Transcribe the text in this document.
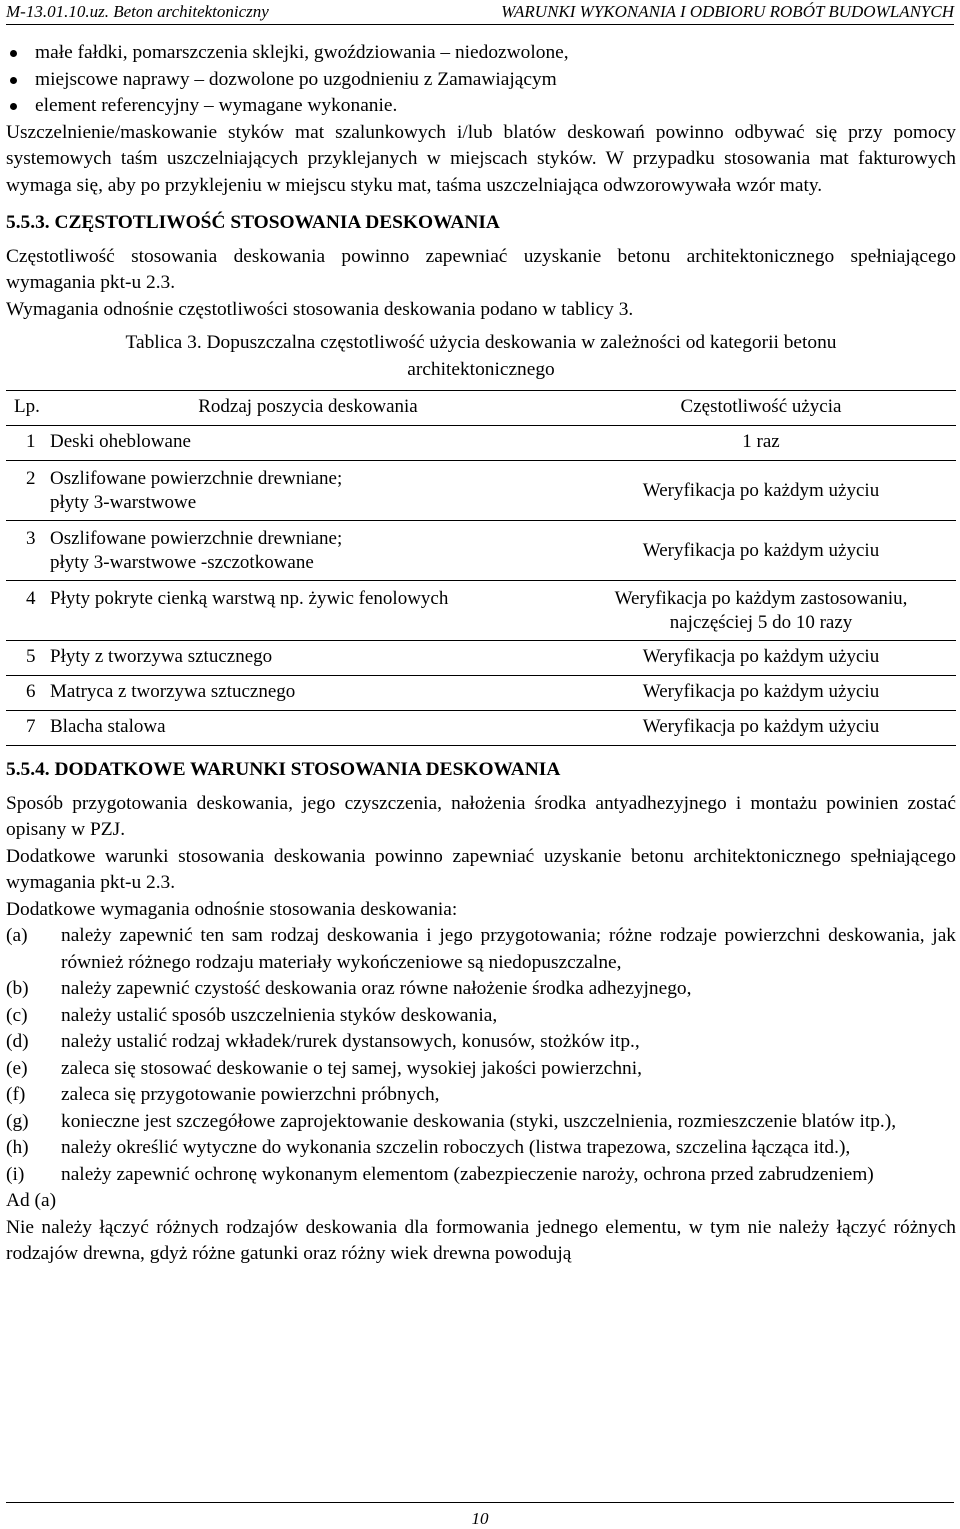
M-13.01.10.uz. Beton architektoniczny	WARUNKI WYKONANIA I ODBIORU ROBÓT BUDOWLANYCH
małe fałdki, pomarszczenia sklejki, gwoździowania – niedozwolone,
miejscowe naprawy – dozwolone po uzgodnieniu z Zamawiającym
element referencyjny – wymagane wykonanie.

Uszczelnienie/maskowanie styków mat szalunkowych i/lub blatów deskowań powinno odbywać się przy pomocy systemowych taśm uszczelniających przyklejanych w miejscach styków. W przypadku stosowania mat fakturowych wymaga się, aby po przyklejeniu w miejscu styku mat, taśma uszczelniająca odwzorowywała wzór maty.

5.5.3. CZĘSTOTLIWOŚĆ STOSOWANIA DESKOWANIA

Częstotliwość stosowania deskowania powinno zapewniać uzyskanie betonu architektonicznego spełniającego wymagania pkt-u 2.3.

Wymagania odnośnie częstotliwości stosowania deskowania podano w tablicy 3.

Tablica 3. Dopuszczalna częstotliwość użycia deskowania w zależności od kategorii betonu
architektonicznego
Lp.	Rodzaj poszycia deskowania	Częstotliwość użycia
1	Deski oheblowane	1 raz

2	Oszlifowane powierzchnie drewniane;
płyty 3-warstwowe	Weryfikacja po każdym użyciu

3	Oszlifowane powierzchnie drewniane;
płyty 3-warstwowe -szczotkowane	Weryfikacja po każdym użyciu

4	Płyty pokryte cienką warstwą np. żywic fenolowych	Weryfikacja po każdym zastosowaniu,
najczęściej 5 do 10 razy

5	Płyty z tworzywa sztucznego	Weryfikacja po każdym użyciu

6	Matryca z tworzywa sztucznego	Weryfikacja po każdym użyciu

7	Blacha stalowa	Weryfikacja po każdym użyciu
5.5.4. DODATKOWE WARUNKI STOSOWANIA DESKOWANIA

Sposób przygotowania deskowania, jego czyszczenia, nałożenia środka antyadhezyjnego i montażu powinien zostać opisany w PZJ.

Dodatkowe warunki stosowania deskowania powinno zapewniać uzyskanie betonu architektonicznego spełniającego wymagania pkt-u 2.3.

Dodatkowe wymagania odnośnie stosowania deskowania:

(a) należy zapewnić ten sam rodzaj deskowania i jego przygotowania; różne rodzaje powierzchni deskowania, jak również różnego rodzaju materiały wykończeniowe są niedopuszczalne,
(b) należy zapewnić czystość deskowania oraz równe nałożenie środka adhezyjnego,
(c) należy ustalić sposób uszczelnienia styków deskowania,
(d) należy ustalić rodzaj wkładek/rurek dystansowych, konusów, stożków itp.,
(e) zaleca się stosować deskowanie o tej samej, wysokiej jakości powierzchni,
(f) zaleca się przygotowanie powierzchni próbnych,
(g) konieczne jest szczegółowe zaprojektowanie deskowania (styki, uszczelnienia, rozmieszczenie blatów itp.),
(h) należy określić wytyczne do wykonania szczelin roboczych (listwa trapezowa, szczelina łącząca itd.),
(i) należy zapewnić ochronę wykonanym elementom (zabezpieczenie naroży, ochrona przed zabrudzeniem)
Ad (a)

Nie należy łączyć różnych rodzajów deskowania dla formowania jednego elementu, w tym nie należy łączyć różnych rodzajów drewna, gdyż różne gatunki oraz różny wiek drewna powodują

10
